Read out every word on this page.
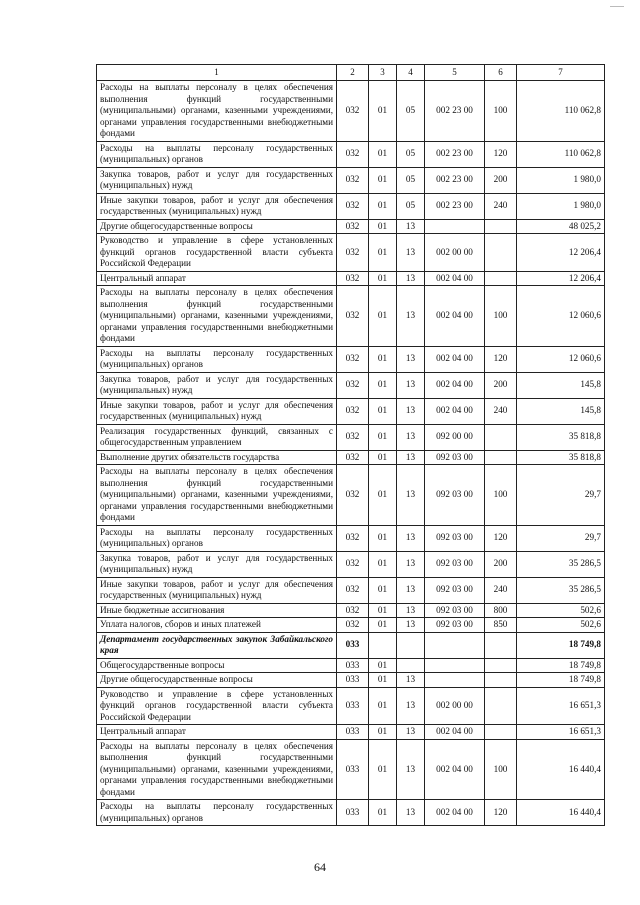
1	2	3	4	5	6	7
Расходы на выплаты персоналу в целях обеспечения выполнения функций государственными (муниципальными) органами, казенными учреждениями, органами управления государственными внебюджетными фондами	032	01	05	002 23 00	100	110 062,8
Расходы на выплаты персоналу государственных (муниципальных) органов	032	01	05	002 23 00	120	110 062,8
Закупка товаров, работ и услуг для государственных (муниципальных) нужд	032	01	05	002 23 00	200	1 980,0
Иные закупки товаров, работ и услуг для обеспечения государственных (муниципальных) нужд	032	01	05	002 23 00	240	1 980,0
Другие общегосударственные вопросы	032	01	13			48 025,2
Руководство и управление в сфере установленных функций органов государственной власти субъекта Российской Федерации	032	01	13	002 00 00		12 206,4
Центральный аппарат	032	01	13	002 04 00		12 206,4
Расходы на выплаты персоналу в целях обеспечения выполнения функций государственными (муниципальными) органами, казенными учреждениями, органами управления государственными внебюджетными фондами	032	01	13	002 04 00	100	12 060,6
Расходы на выплаты персоналу государственных (муниципальных) органов	032	01	13	002 04 00	120	12 060,6
Закупка товаров, работ и услуг для государственных (муниципальных) нужд	032	01	13	002 04 00	200	145,8
Иные закупки товаров, работ и услуг для обеспечения государственных (муниципальных) нужд	032	01	13	002 04 00	240	145,8
Реализация государственных функций, связанных с общегосударственным управлением	032	01	13	092 00 00		35 818,8
Выполнение других обязательств государства	032	01	13	092 03 00		35 818,8
Расходы на выплаты персоналу в целях обеспечения выполнения функций государственными (муниципальными) органами, казенными учреждениями, органами управления государственными внебюджетными фондами	032	01	13	092 03 00	100	29,7
Расходы на выплаты персоналу государственных (муниципальных) органов	032	01	13	092 03 00	120	29,7
Закупка товаров, работ и услуг для государственных (муниципальных) нужд	032	01	13	092 03 00	200	35 286,5
Иные закупки товаров, работ и услуг для обеспечения государственных (муниципальных) нужд	032	01	13	092 03 00	240	35 286,5
Иные бюджетные ассигнования	032	01	13	092 03 00	800	502,6
Уплата налогов, сборов и иных платежей	032	01	13	092 03 00	850	502,6
Департамент государственных закупок Забайкальского края	033					18 749,8
Общегосударственные вопросы	033	01				18 749,8
Другие общегосударственные вопросы	033	01	13			18 749,8
Руководство и управление в сфере установленных функций органов государственной власти субъекта Российской Федерации	033	01	13	002 00 00		16 651,3
Центральный аппарат	033	01	13	002 04 00		16 651,3
Расходы на выплаты персоналу в целях обеспечения выполнения функций государственными (муниципальными) органами, казенными учреждениями, органами управления государственными внебюджетными фондами	033	01	13	002 04 00	100	16 440,4
Расходы на выплаты персоналу государственных (муниципальных) органов	033	01	13	002 04 00	120	16 440,4
64
